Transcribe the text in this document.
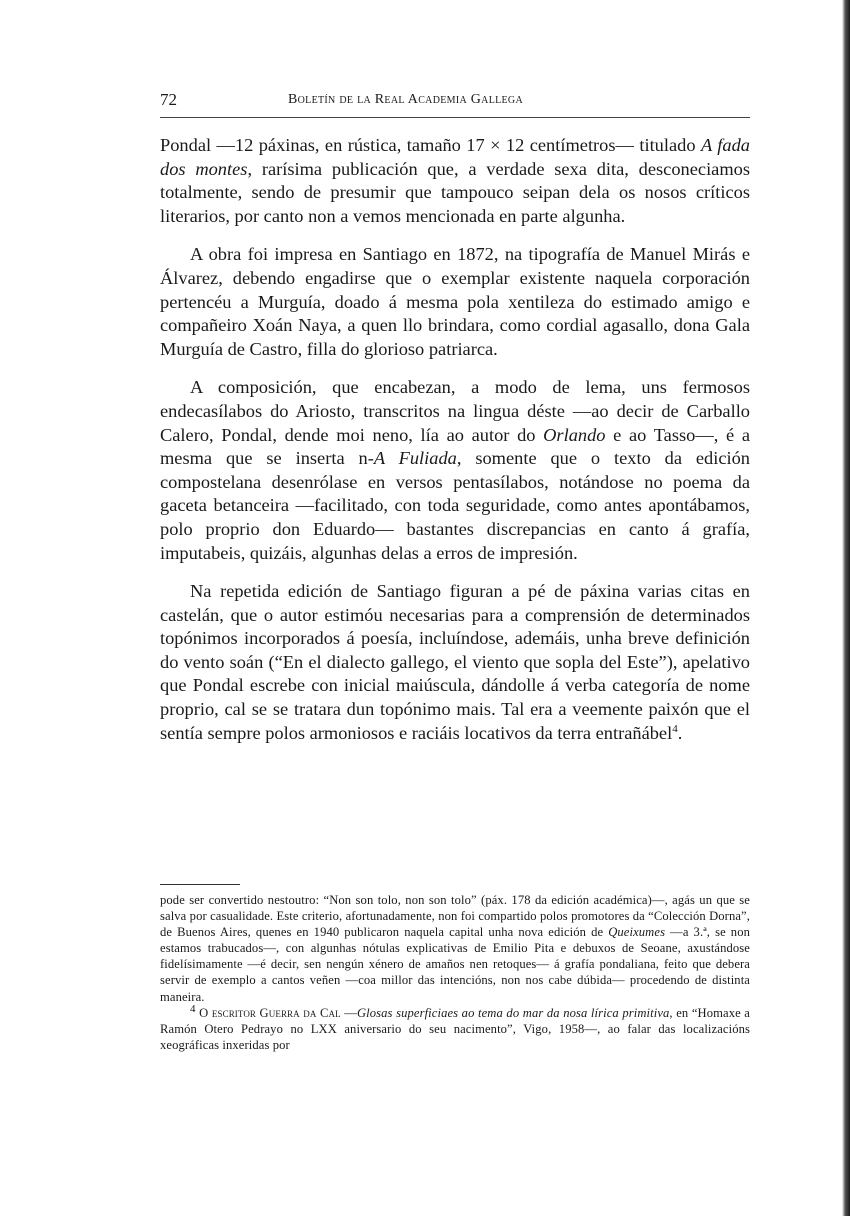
72	Boletín de la Real Academia Gallega

Pondal —12 páxinas, en rústica, tamaño 17 × 12 centímetros— titulado A fada dos montes, rarísima publicación que, a verdade sexa dita, desconeciamos totalmente, sendo de presumir que tampouco seipan dela os nosos críticos literarios, por canto non a vemos mencionada en parte algunha.

A obra foi impresa en Santiago en 1872, na tipografía de Manuel Mirás e Álvarez, debendo engadirse que o exemplar existente naquela corporación pertencéu a Murguía, doado á mesma pola xentileza do estimado amigo e compañeiro Xoán Naya, a quen llo brindara, como cordial agasallo, dona Gala Murguía de Castro, filla do glorioso patriarca.

A composición, que encabezan, a modo de lema, uns fermosos endecasílabos do Ariosto, transcritos na lingua déste —ao decir de Carballo Calero, Pondal, dende moi neno, lía ao autor do Orlando e ao Tasso—, é a mesma que se inserta n-A Fuliada, somente que o texto da edición compostelana desenrólase en versos pentasílabos, notándose no poema da gaceta betanceira —facilitado, con toda seguridade, como antes apontábamos, polo proprio don Eduardo— bastantes discrepancias en canto á grafía, imputabeis, quizáis, algunhas delas a erros de impresión.

Na repetida edición de Santiago figuran a pé de páxina varias citas en castelán, que o autor estimóu necesarias para a comprensión de determinados topónimos incorporados á poesía, incluíndose, ademáis, unha breve definición do vento soán (“En el dialecto gallego, el viento que sopla del Este”), apelativo que Pondal escrebe con inicial maiúscula, dándolle á verba categoría de nome proprio, cal se se tratara dun topónimo mais. Tal era a veemente paixón que el sentía sempre polos armoniosos e raciáis locativos da terra entrañábel$^4$.

pode ser convertido nestoutro: “Non son tolo, non son tolo” (páx. 178 da edición académica)—, agás un que se salva por casualidade. Este criterio, afortunadamente, non foi compartido polos promotores da “Colección Dorna”, de Buenos Aires, quenes en 1940 publicaron naquela capital unha nova edición de Queixumes —a 3.ª, se non estamos trabucados—, con algunhas nótulas explicativas de Emilio Pita e debuxos de Seoane, axustándose fidelísimamente —é decir, sen nengún xénero de amaños nen retoques— á grafía pondaliana, feito que debera servir de exemplo a cantos veñen —coa millor das intencións, non nos cabe dúbida— procedendo de distinta maneira.

4 O escritor Guerra da Cal —Glosas superficiaes ao tema do mar da nosa lírica primitiva, en “Homaxe a Ramón Otero Pedrayo no LXX aniversario do seu nacimento”, Vigo, 1958—, ao falar das localizacións xeográficas inxeridas por
